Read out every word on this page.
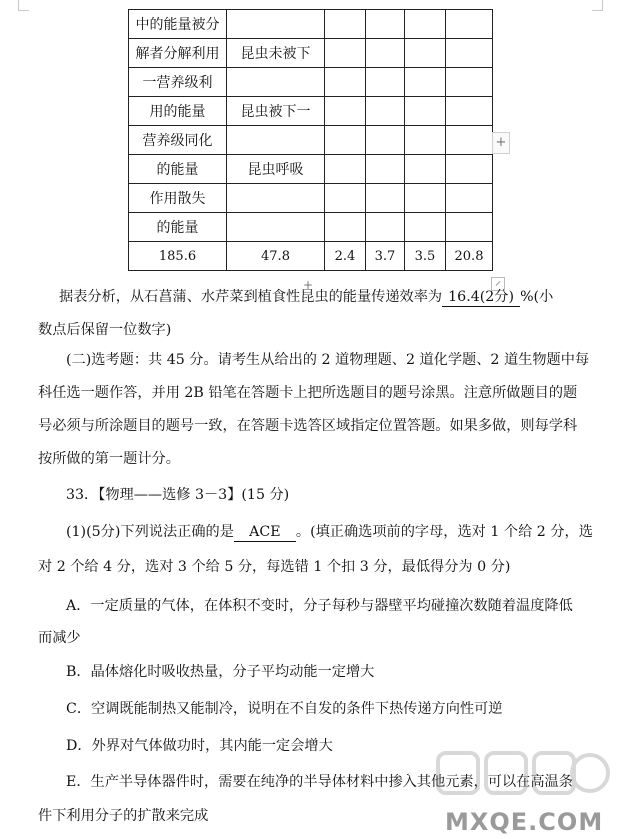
中的能量被分					
解者分解利用	昆虫未被下				
一营养级利					
用的能量	昆虫被下一				
营养级同化					
的能量	昆虫呼吸				
作用散失					
的能量					
185.6	47.8	2.4	3.7	3.5	20.8
+
+
据表分析，从石菖蒲、水芹菜到植食性昆虫的能量传递效率为 16.4(2分) %(小
数点后保留一位数字)
(二)选考题：共 45 分。请考生从给出的 2 道物理题、2 道化学题、2 道生物题中每
科任选一题作答，并用 2B 铅笔在答题卡上把所选题目的题号涂黑。注意所做题目的题
号必须与所涂题目的题号一致，在答题卡选答区域指定位置答题。如果多做，则每学科
按所做的第一题计分。
33．【物理——选修 3－3】(15 分)
(1)(5分)下列说法正确的是 ACE 。(填正确选项前的字母，选对 1 个给 2 分，选
对 2 个给 4 分，选对 3 个给 5 分，每选错 1 个扣 3 分，最低得分为 0 分)
A．一定质量的气体，在体积不变时，分子每秒与器壁平均碰撞次数随着温度降低
而减少
B．晶体熔化时吸收热量，分子平均动能一定增大
C．空调既能制热又能制冷，说明在不自发的条件下热传递方向性可逆
D．外界对气体做功时，其内能一定会增大
E．生产半导体器件时，需要在纯净的半导体材料中掺入其他元素，可以在高温条
件下利用分子的扩散来完成	MXQE.COM
